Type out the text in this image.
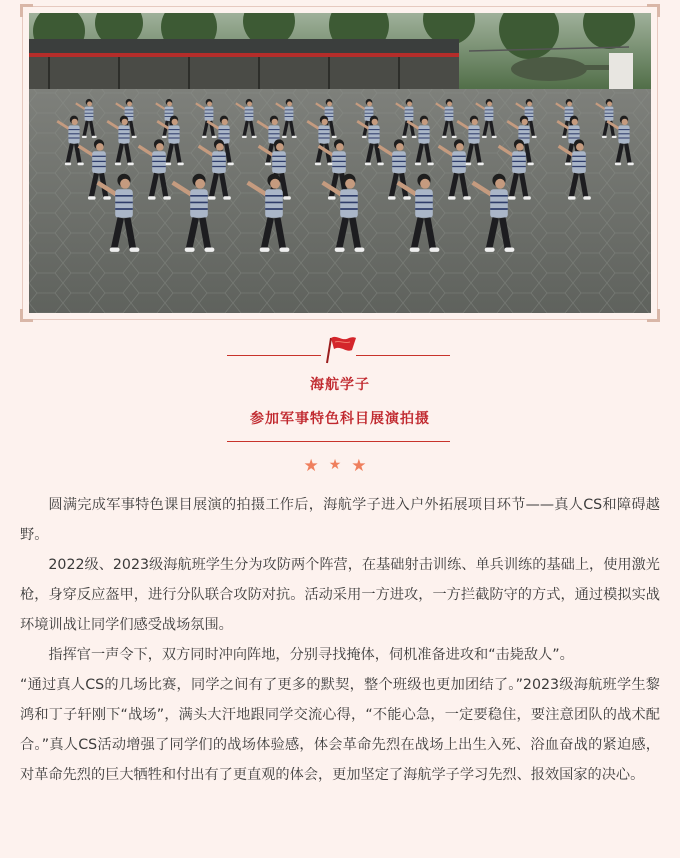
海航学子
参加军事特色科目展演拍摄
★★★

圆满完成军事特色课目展演的拍摄工作后，海航学子进入户外拓展项目环节——真人CS和障碍越野。

2022级、2023级海航班学生分为攻防两个阵营，在基础射击训练、单兵训练的基础上，使用激光枪，身穿反应盔甲，进行分队联合攻防对抗。活动采用一方进攻，一方拦截防守的方式，通过模拟实战环境训战让同学们感受战场氛围。

指挥官一声令下，双方同时冲向阵地，分别寻找掩体，伺机准备进攻和“击毙敌人”。

“通过真人CS的几场比赛，同学之间有了更多的默契，整个班级也更加团结了。”2023级海航班学生黎鸿和丁子轩刚下“战场”，满头大汗地跟同学交流心得，“不能心急，一定要稳住，要注意团队的战术配合。”真人CS活动增强了同学们的战场体验感，体会革命先烈在战场上出生入死、浴血奋战的紧迫感，对革命先烈的巨大牺牲和付出有了更直观的体会，更加坚定了海航学子学习先烈、报效国家的决心。
